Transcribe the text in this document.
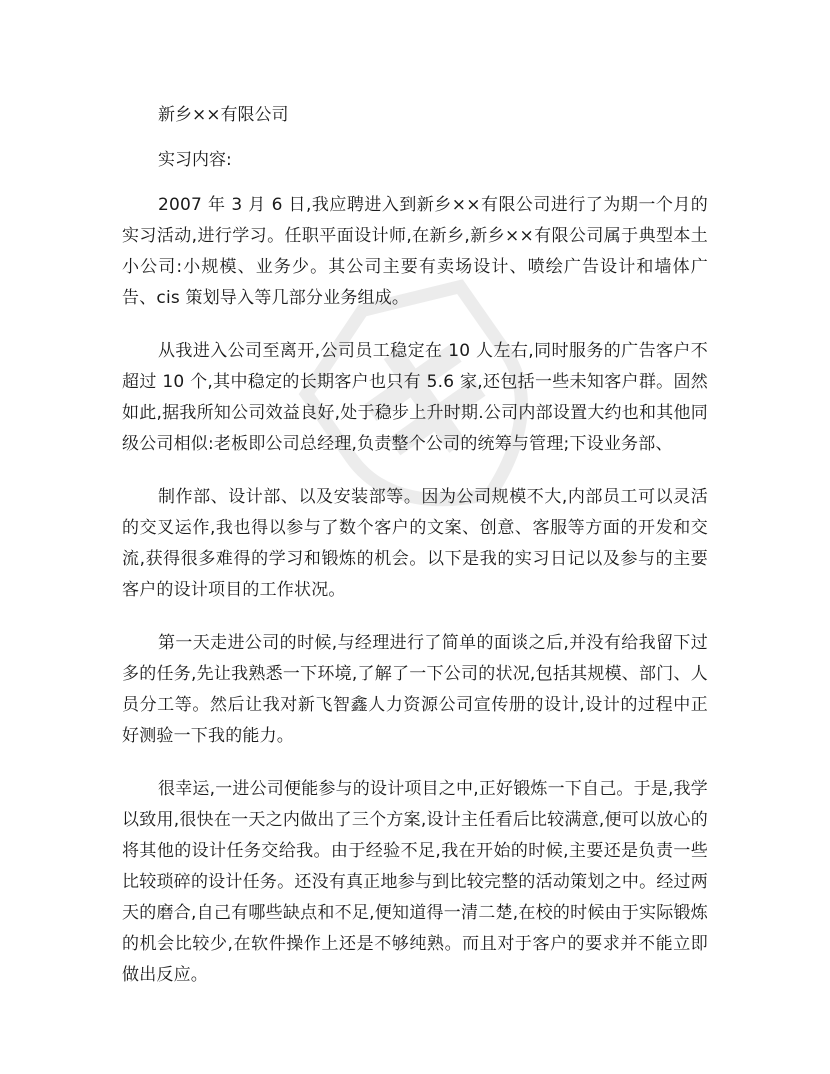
新乡××有限公司

实习内容:

2007 年 3 月 6 日,我应聘进入到新乡××有限公司进行了为期一个月的实习活动,进行学习。任职平面设计师,在新乡,新乡××有限公司属于典型本土小公司:小规模、业务少。其公司主要有卖场设计、喷绘广告设计和墙体广告、cis 策划导入等几部分业务组成。

从我进入公司至离开,公司员工稳定在 10 人左右,同时服务的广告客户不超过 10 个,其中稳定的长期客户也只有 5.6 家,还包括一些未知客户群。固然如此,据我所知公司效益良好,处于稳步上升时期.公司内部设置大约也和其他同级公司相似:老板即公司总经理,负责整个公司的统筹与管理;下设业务部、

制作部、设计部、以及安装部等。因为公司规模不大,内部员工可以灵活的交叉运作,我也得以参与了数个客户的文案、创意、客服等方面的开发和交流,获得很多难得的学习和锻炼的机会。以下是我的实习日记以及参与的主要客户的设计项目的工作状况。

第一天走进公司的时候,与经理进行了简单的面谈之后,并没有给我留下过多的任务,先让我熟悉一下环境,了解了一下公司的状况,包括其规模、部门、人员分工等。然后让我对新飞智鑫人力资源公司宣传册的设计,设计的过程中正好测验一下我的能力。

很幸运,一进公司便能参与的设计项目之中,正好锻炼一下自己。于是,我学以致用,很快在一天之内做出了三个方案,设计主任看后比较满意,便可以放心的将其他的设计任务交给我。由于经验不足,我在开始的时候,主要还是负责一些比较琐碎的设计任务。还没有真正地参与到比较完整的活动策划之中。经过两天的磨合,自己有哪些缺点和不足,便知道得一清二楚,在校的时候由于实际锻炼的机会比较少,在软件操作上还是不够纯熟。而且对于客户的要求并不能立即做出反应。
